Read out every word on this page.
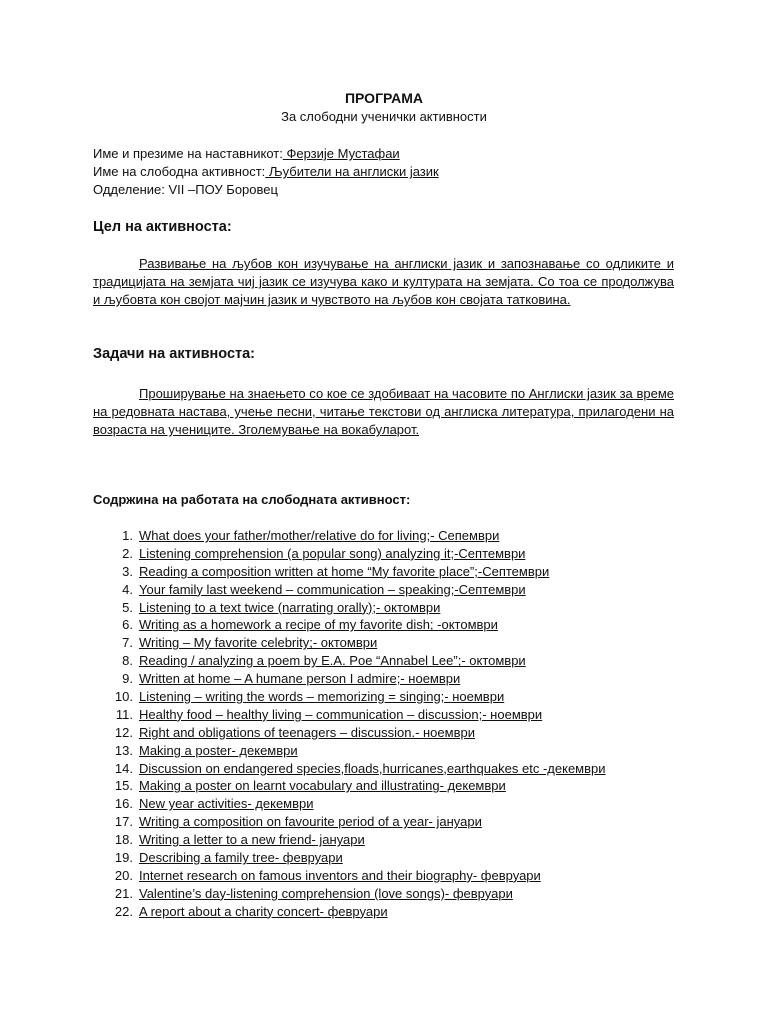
ПРОГРАМА
За слободни ученички активности
Име и презиме на наставникот: Ферзије Мустафаи
Име на слободна активност: Љубители на англиски јазик
Одделение: VII –ПОУ Боровец
Цел на активноста:
Развивање на љубов кон изучување на англиски јазик и запознавање со одликите и традицијата на земјата чиј јазик се изучува како и културата на земјата. Со тоа се продолжува и љубовта кон својот мајчин јазик и чувството на љубов кон својата татковина.
Задачи на активноста:
Проширување на знаењето со кое се здобиваат на часовите по Англиски јазик за време на редовната настава, учење песни, читање текстови од англиска литература, прилагодени на возраста на учениците. Зголемување на вокабуларот.
Содржина на работата на слободната активност:
1. What does your father/mother/relative do for living;- Сепември
2. Listening comprehension (a popular song) analyzing it;-Септември
3. Reading a composition written at home “My favorite place”;-Септември
4. Your family last weekend – communication – speaking;-Септември
5. Listening to a text twice (narrating orally);- октомври
6. Writing as a homework a recipe of my favorite dish; -октомври
7. Writing – My favorite celebrity;- октомври
8. Reading / analyzing a poem by E.A. Poe “Annabel Lee”;- октомври
9. Written at home – A humane person I admire;- ноември
10. Listening – writing the words – memorizing = singing;- ноември
11. Healthy food – healthy living – communication – discussion;- ноември
12. Right and obligations of teenagers – discussion.- ноември
13. Making a poster- декември
14. Discussion on endangered species,floads,hurricanes,earthquakes etc -декември
15. Making a poster on learnt vocabulary and illustrating- декември
16. New year activities- декември
17. Writing a composition on favourite period of a year- јануари
18. Writing a letter to a new friend- јануари
19. Describing a family tree- февруари
20. Internet research on famous inventors and their biography- февруари
21. Valentine’s day-listening comprehension (love songs)- февруари
22. A report about a charity concert- февруари
